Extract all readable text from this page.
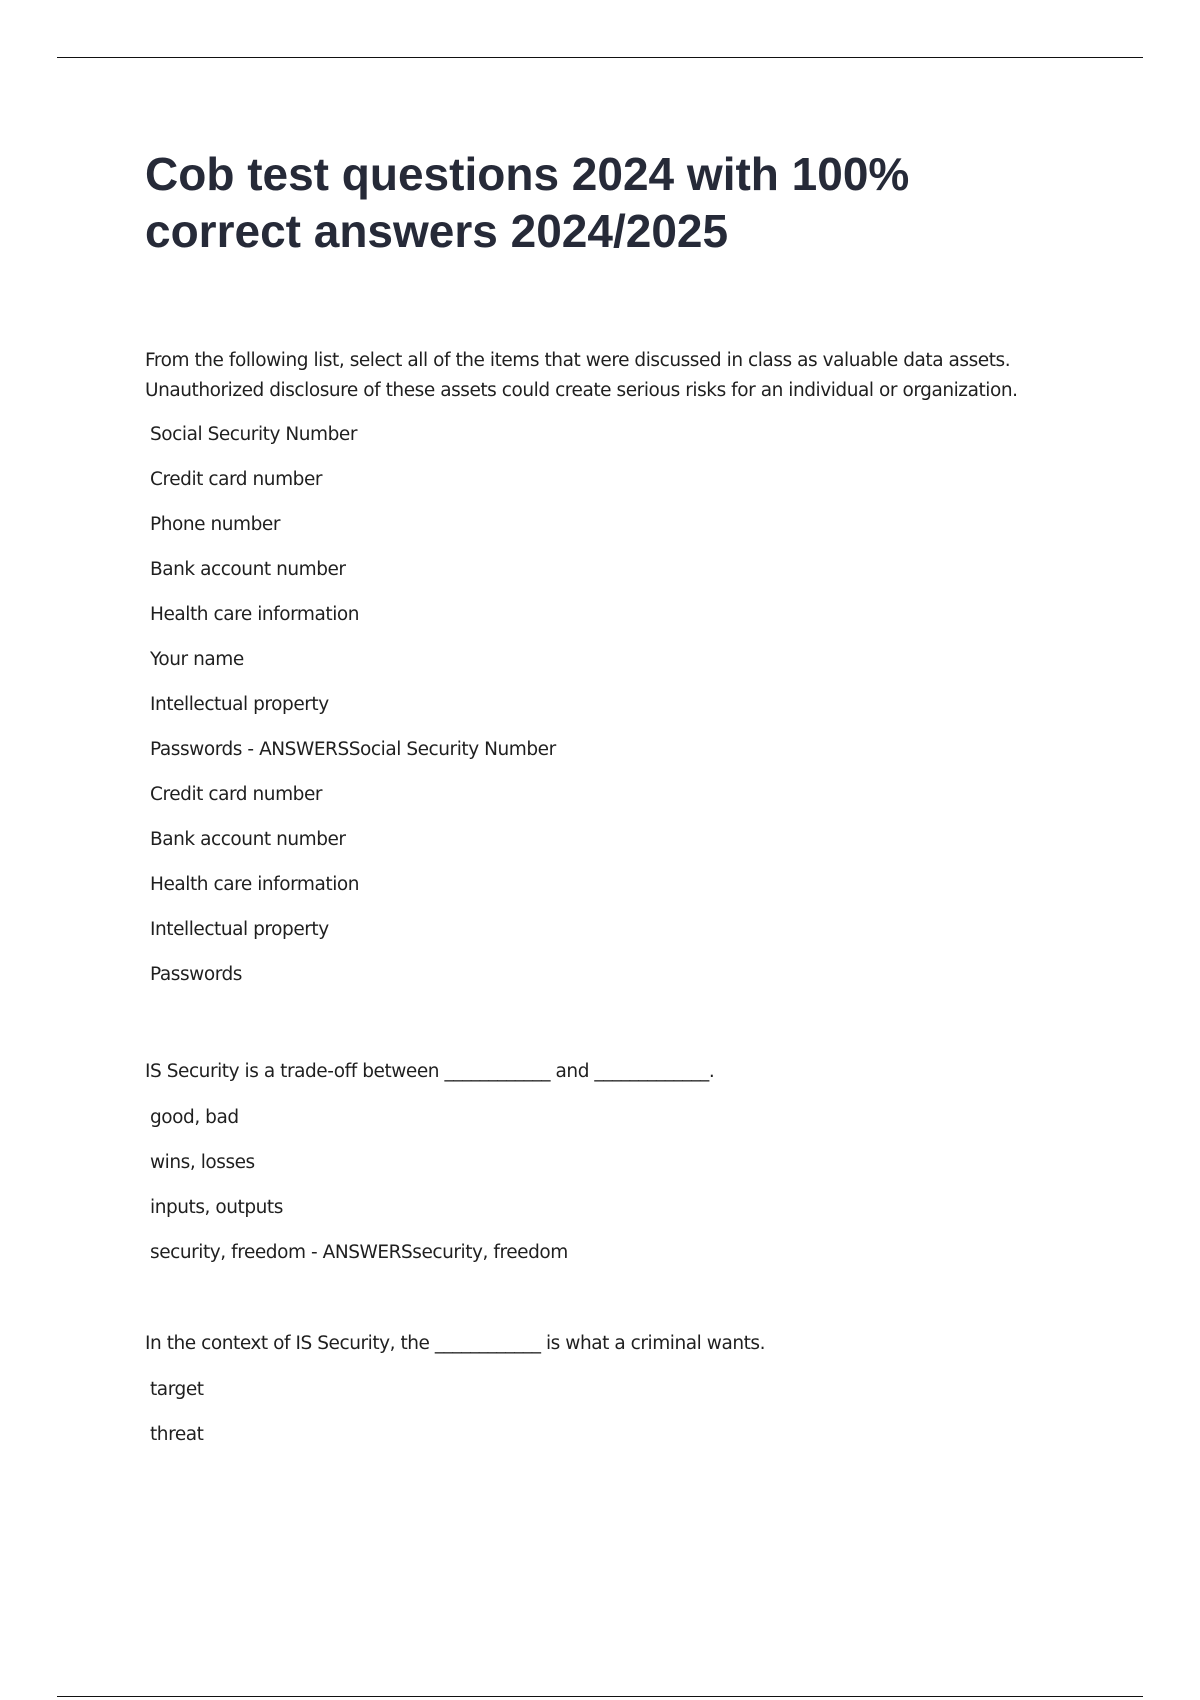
Cob test questions 2024 with 100% correct answers 2024/2025

From the following list, select all of the items that were discussed in class as valuable data assets. Unauthorized disclosure of these assets could create serious risks for an individual or organization.

Social Security Number
Credit card number
Phone number
Bank account number
Health care information
Your name
Intellectual property
Passwords - ANSWERSSocial Security Number
Credit card number
Bank account number
Health care information
Intellectual property
Passwords

IS Security is a trade-off between ____________ and _____________.

good, bad
wins, losses
inputs, outputs
security, freedom - ANSWERSsecurity, freedom

In the context of IS Security, the ____________ is what a criminal wants.

target
threat
